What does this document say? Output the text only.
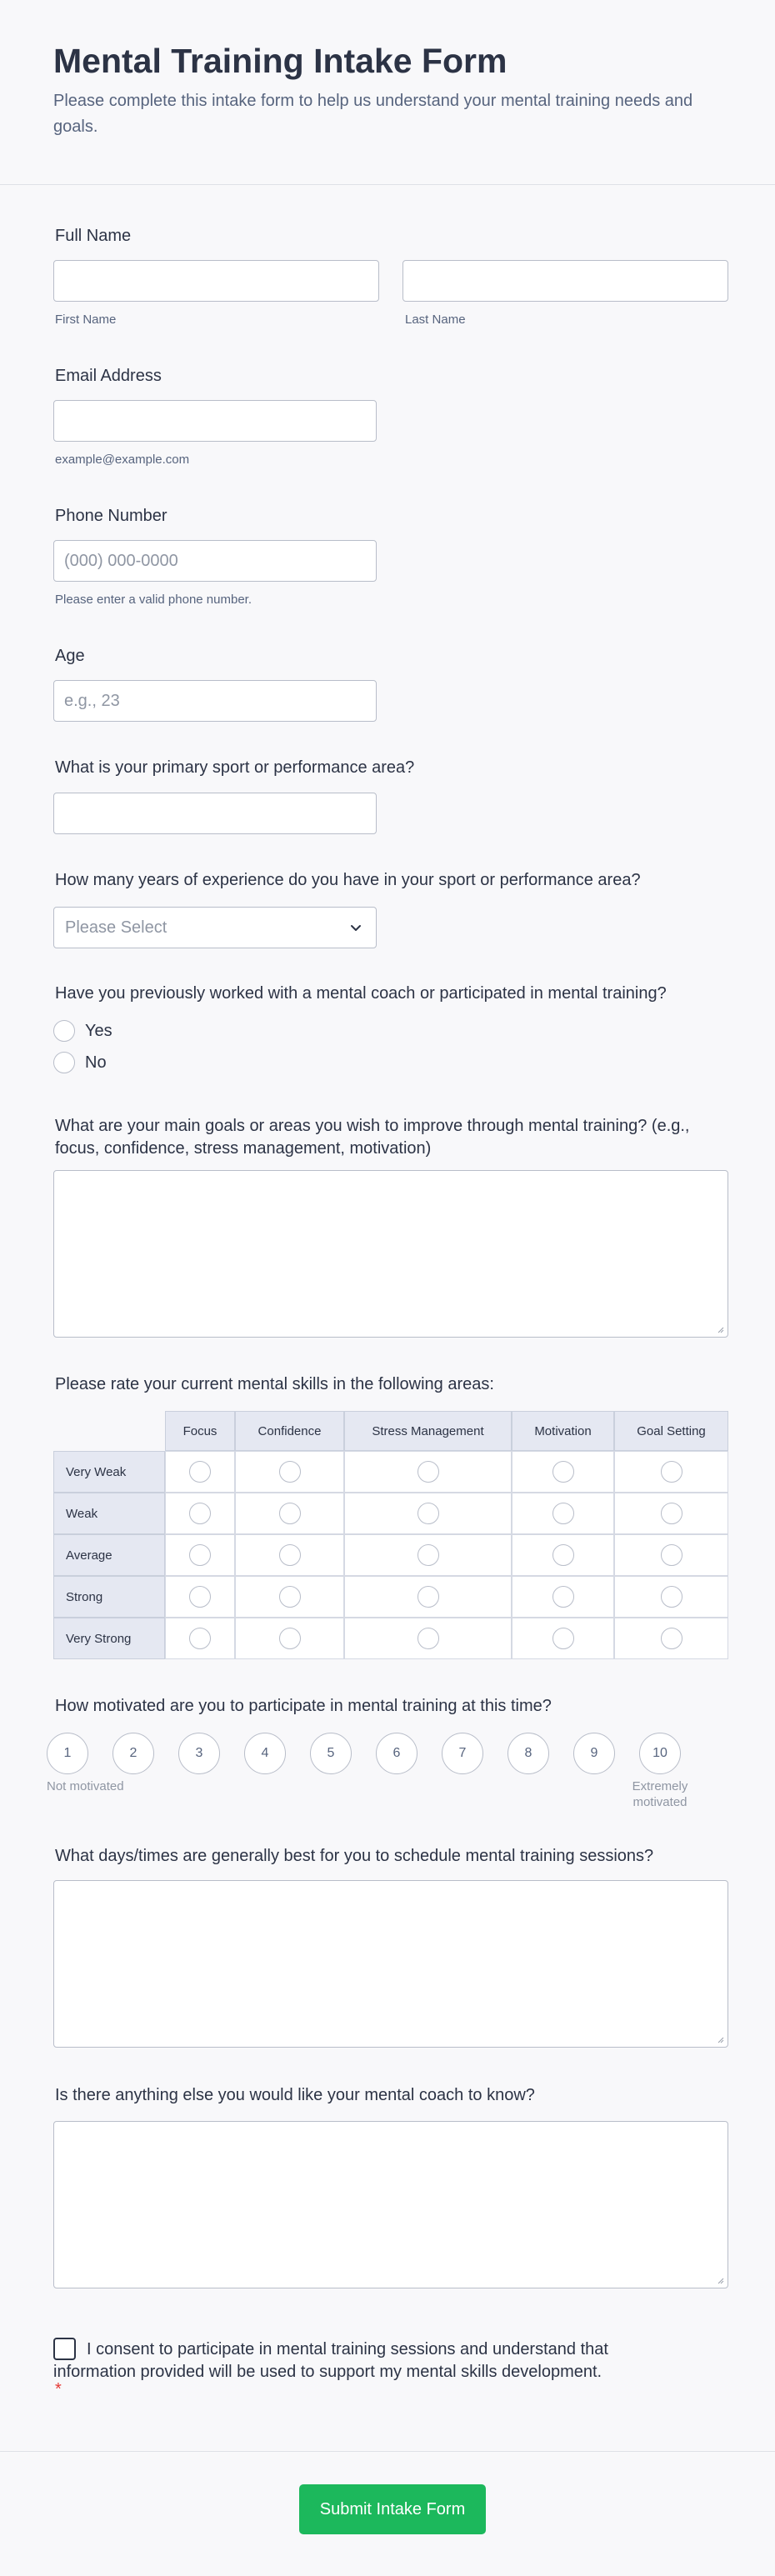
Mental Training Intake Form

Please complete this intake form to help us understand your mental training needs and goals.

Full Name
First Name	Last Name
Email Address
example@example.com
Phone Number
(000) 000-0000
Please enter a valid phone number.
Age
e.g., 23
What is your primary sport or performance area?
How many years of experience do you have in your sport or performance area?
Please Select
Have you previously worked with a mental coach or participated in mental training?
Yes
No
What are your main goals or areas you wish to improve through mental training? (e.g., focus, confidence, stress management, motivation)
Please rate your current mental skills in the following areas:
Focus	Confidence	Stress Management	Motivation	Goal Setting
Very Weak
Weak
Average
Strong
Very Strong
How motivated are you to participate in mental training at this time?
1	2	3	4	5	6	7	8	9	10
Not motivated	Extremely
motivated
What days/times are generally best for you to schedule mental training sessions?
Is there anything else you would like your mental coach to know?
I consent to participate in mental training sessions and understand that information provided will be used to support my mental skills development.
*
Submit Intake Form
